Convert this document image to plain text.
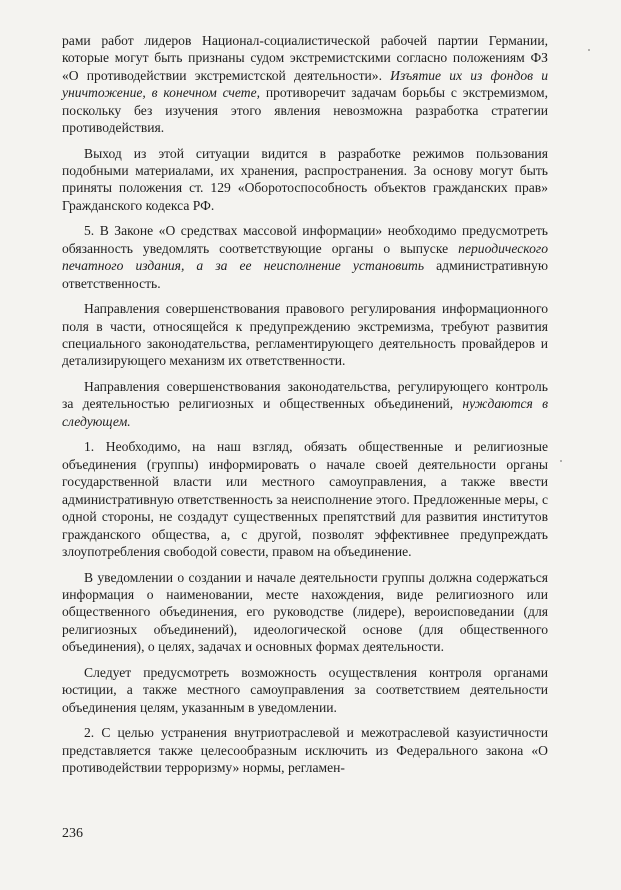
рами работ лидеров Национал-социалистической рабочей партии Германии, которые могут быть признаны судом экстремистскими согласно положениям ФЗ «О противодействии экстремистской деятельности». Изъятие их из фондов и уничтожение, в конечном счете, противоречит задачам борьбы с экстремизмом, поскольку без изучения этого явления невозможна разработка стратегии противодействия.

Выход из этой ситуации видится в разработке режимов пользования подобными материалами, их хранения, распространения. За основу могут быть приняты положения ст. 129 «Оборотоспособность объектов гражданских прав» Гражданского кодекса РФ.

5. В Законе «О средствах массовой информации» необходимо предусмотреть обязанность уведомлять соответствующие органы о выпуске периодического печатного издания, а за ее неисполнение установить административную ответственность.

Направления совершенствования правового регулирования информационного поля в части, относящейся к предупреждению экстремизма, требуют развития специального законодательства, регламентирующего деятельность провайдеров и детализирующего механизм их ответственности.

Направления совершенствования законодательства, регулирующего контроль за деятельностью религиозных и общественных объединений, нуждаются в следующем.

1. Необходимо, на наш взгляд, обязать общественные и религиозные объединения (группы) информировать о начале своей деятельности органы государственной власти или местного самоуправления, а также ввести административную ответственность за неисполнение этого. Предложенные меры, с одной стороны, не создадут существенных препятствий для развития институтов гражданского общества, а, с другой, позволят эффективнее предупреждать злоупотребления свободой совести, правом на объединение.

В уведомлении о создании и начале деятельности группы должна содержаться информация о наименовании, месте нахождения, виде религиозного или общественного объединения, его руководстве (лидере), вероисповедании (для религиозных объединений), идеологической основе (для общественного объединения), о целях, задачах и основных формах деятельности.

Следует предусмотреть возможность осуществления контроля органами юстиции, а также местного самоуправления за соответствием деятельности объединения целям, указанным в уведомлении.

2. С целью устранения внутриотраслевой и межотраслевой казуистичности представляется также целесообразным исключить из Федерального закона «О противодействии терроризму» нормы, регламен-

236
